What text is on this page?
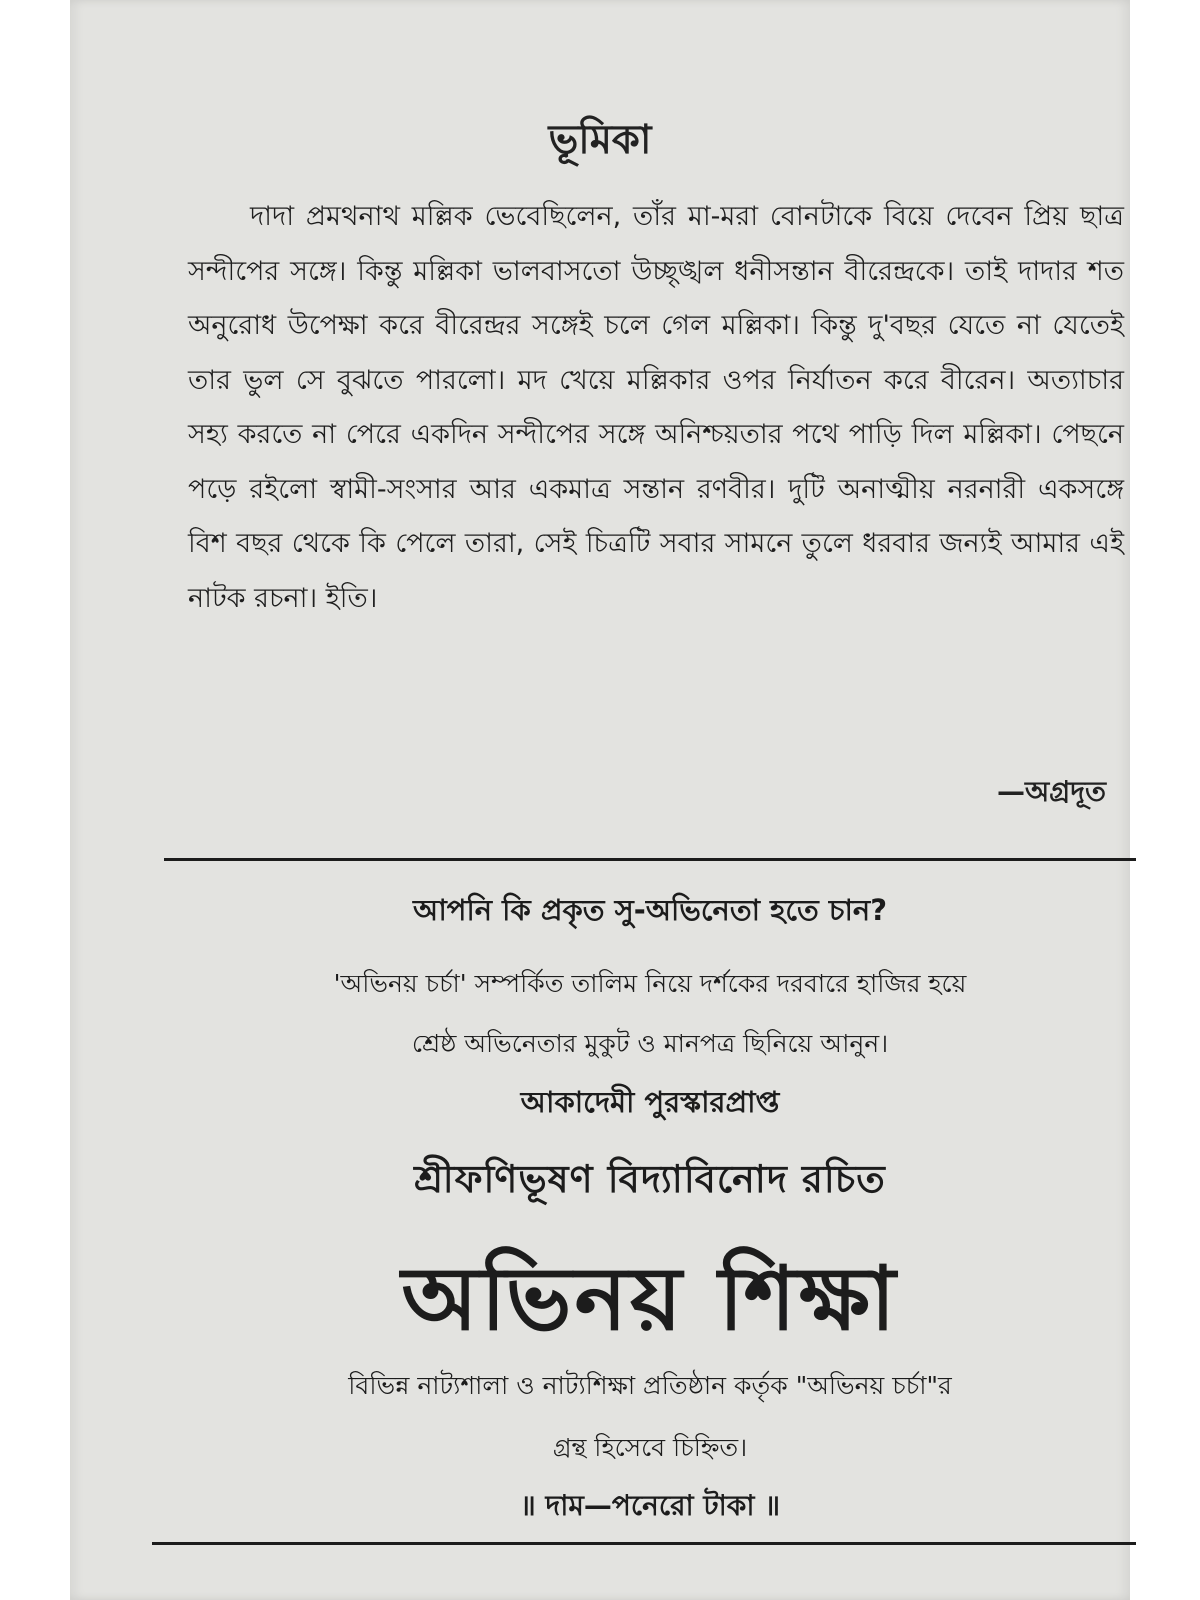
ভূমিকা

দাদা প্রমথনাথ মল্লিক ভেবেছিলেন, তাঁর মা-মরা বোনটাকে বিয়ে দেবেন প্রিয় ছাত্র সন্দীপের সঙ্গে। কিন্তু মল্লিকা ভালবাসতো উচ্ছৃঙ্খল ধনীসন্তান বীরেন্দ্রকে। তাই দাদার শত অনুরোধ উপেক্ষা করে বীরেন্দ্রর সঙ্গেই চলে গেল মল্লিকা। কিন্তু দু'বছর যেতে না যেতেই তার ভুল সে বুঝতে পারলো। মদ খেয়ে মল্লিকার ওপর নির্যাতন করে বীরেন। অত্যাচার সহ্য করতে না পেরে একদিন সন্দীপের সঙ্গে অনিশ্চয়তার পথে পাড়ি দিল মল্লিকা। পেছনে পড়ে রইলো স্বামী-সংসার আর একমাত্র সন্তান রণবীর। দুটি অনাত্মীয় নরনারী একসঙ্গে বিশ বছর থেকে কি পেলে তারা, সেই চিত্রটি সবার সামনে তুলে ধরবার জন্যই আমার এই নাটক রচনা। ইতি।

—অগ্রদূত
আপনি কি প্রকৃত সু-অভিনেতা হতে চান?
'অভিনয় চর্চা' সম্পর্কিত তালিম নিয়ে দর্শকের দরবারে হাজির হয়ে
শ্রেষ্ঠ অভিনেতার মুকুট ও মানপত্র ছিনিয়ে আনুন।
আকাদেমী পুরস্কারপ্রাপ্ত
শ্রীফণিভূষণ বিদ্যাবিনোদ রচিত
অভিনয় শিক্ষা
বিভিন্ন নাট্যশালা ও নাট্যশিক্ষা প্রতিষ্ঠান কর্তৃক "অভিনয় চর্চা"র
গ্রন্থ হিসেবে চিহ্নিত।
॥ দাম—পনেরো টাকা ॥
